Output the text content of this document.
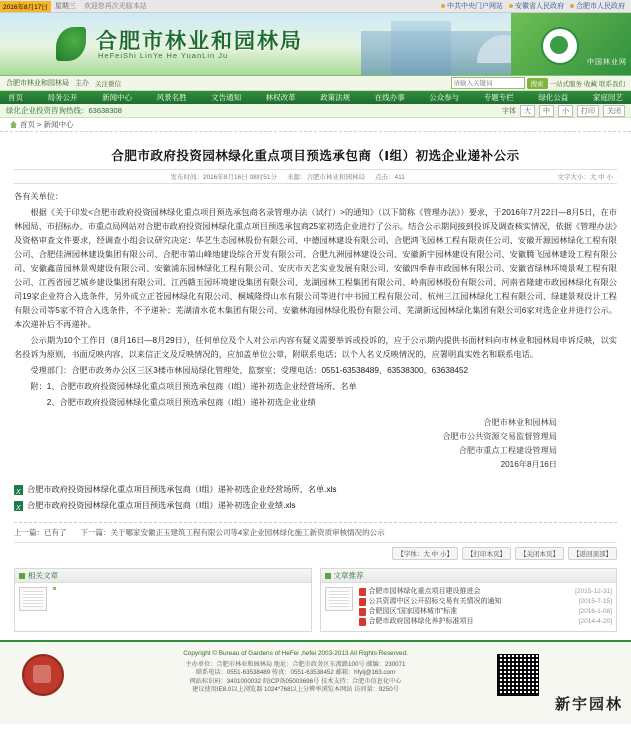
2016年8月17日	星期三	欢迎您再次光临本站	中共中央门户网站	安徽省人民政府	合肥市人民政府
中国林业网
合肥市林业和园林局
HeFeiShi LinYe He YuanLin Ju
合肥市林业和园林局 主办 关注微信
请输入关键词	搜索 一站式服务 收藏 联系我们
首页	局务公开	新闻中心	风景名胜	文告通知	林权改革	政策法规	在线办事	公众参与	专题专栏	绿化公益	家庭园艺
绿化企业投资咨询热线：63638308	字体	大	中	小	打印	关闭
首页 > 新闻中心
合肥市政府投资园林绿化重点项目预选承包商（Ⅰ组）初选企业递补公示
发布时间：2016年8月16日 08时51分 来源：合肥市林业和园林局 点击：411	文字大小：大 中 小

各有关单位：

根据《关于印发<合肥市政府投资园林绿化重点项目预选承包商名录管理办法（试行）>的通知》（以下简称《管理办法》）要求，于2016年7月22日—8月5日，在市林园局、市招标办、市重点局网站对合肥市政府投资园林绿化重点项目预选承包商25家初选企业进行了公示。结合公示期间接到投诉及调查核实情况，依据《管理办法》及资格审查文件要求，经调查小组会议研究决定：华艺生态园林股份有限公司、中德园林建设有限公司、合肥鸿飞园林工程有限责任公司、安徽开源园林绿化工程有限公司、合肥佳洲园林建设集团有限公司、合肥市第山峰地建设综合开发有限公司、合肥九洲园林建设公司、安徽新宇园林建设有限公司、安徽腾飞园林建设工程有限公司、安徽鑫苗园林景观建设有限公司、安徽浦东园林绿化工程有限公司、安庆市天艺实业发展有限公司、安徽四季春市政园林有限公司、安徽省绿林环境景观工程有限公司、江西省园艺城乡建设集团有限公司、江西赣玉园环境建设集团有限公司、龙湖园林工程集团有限公司、岭南园林股份有限公司、河南省隆建市政园林绿化有限公司19家企业符合入选条件，另外成立正苍园林绿化有限公司、桐城隆得山水有限公司等进行中书园工程有限公司、杭州三江园林绿化工程有限公司、绿建景观设计工程有限公司等5家不符合入选条件，不予递补；芜湖清水花木集团有限公司、安徽林海园林绿化股份有限公司、芜湖新远园林绿化集团有限公司6家对选企业并进行公示。本次递补后不再递补。

公示期为10个工作日（8月16日—8月29日），任何单位及个人对公示内容有疑义需要举诉或投诉的，应于公示期内提供书面材料向市林业和园林局申诉反映，以实名投诉为原则，书面反映内容，以来信正文及反映情况的，应加盖单位公章，附联系电话；以个人名义反映情况的，应署明真实姓名和联系电话。

受理部门：合肥市政务办公区三区3楼市林园局绿化管理处，监察室；受理电话：0551-63538489、63538300、63638452

附：1、合肥市政府投资园林绿化重点项目预选承包商（Ⅰ组）递补初选企业经营场所、名单

2、合肥市政府投资园林绿化重点项目预选承包商（Ⅰ组）递补初选企业业绩

合肥市林业和园林局
合肥市公共资源交易监督管理局
合肥市重点工程建设管理局
2016年8月16日
X
合肥市政府投资园林绿化重点项目预选承包商（Ⅰ组）递补初选企业经营场所、名单.xls
X
合肥市政府投资园林绿化重点项目预选承包商（Ⅰ组）递补初选企业业绩.xls
上一篇：已有了 下一篇：关于哪家安徽正玉建筑工程有限公司等4家企业园林绿化施工新资质审核情况的公示
【字体：大 中 小】	【打印本页】	【关闭本页】	【返回顶部】
相关文章	文章推荐
合肥市园林绿化重点项目建设推进会	[2015-12-31]
公共资源中区公开招标交易有关情况的通知	[2015-7-15]
合肥园区“国家园林城市”标准	[2016-1-08]
合肥市政府园林绿化养护标准项目	[2014-4-20]
Copyright © Bureau of Gardens of HeFei ,hefei 2003-2013 All Rights Reserved.
主办单位：合肥市林业和园林局 地址：合肥市政务区东流路100号 邮编：230071
联系电话：0551-63538489 传真：0551-63538452 邮箱：hfylj@163.com
网站标识码：3401000032 皖ICP备05003696号 技术支持：合肥市信息化中心
建议使用IE8.0以上浏览器 1024*768以上分辨率浏览本网站 访问量：9250号
新宇园林
